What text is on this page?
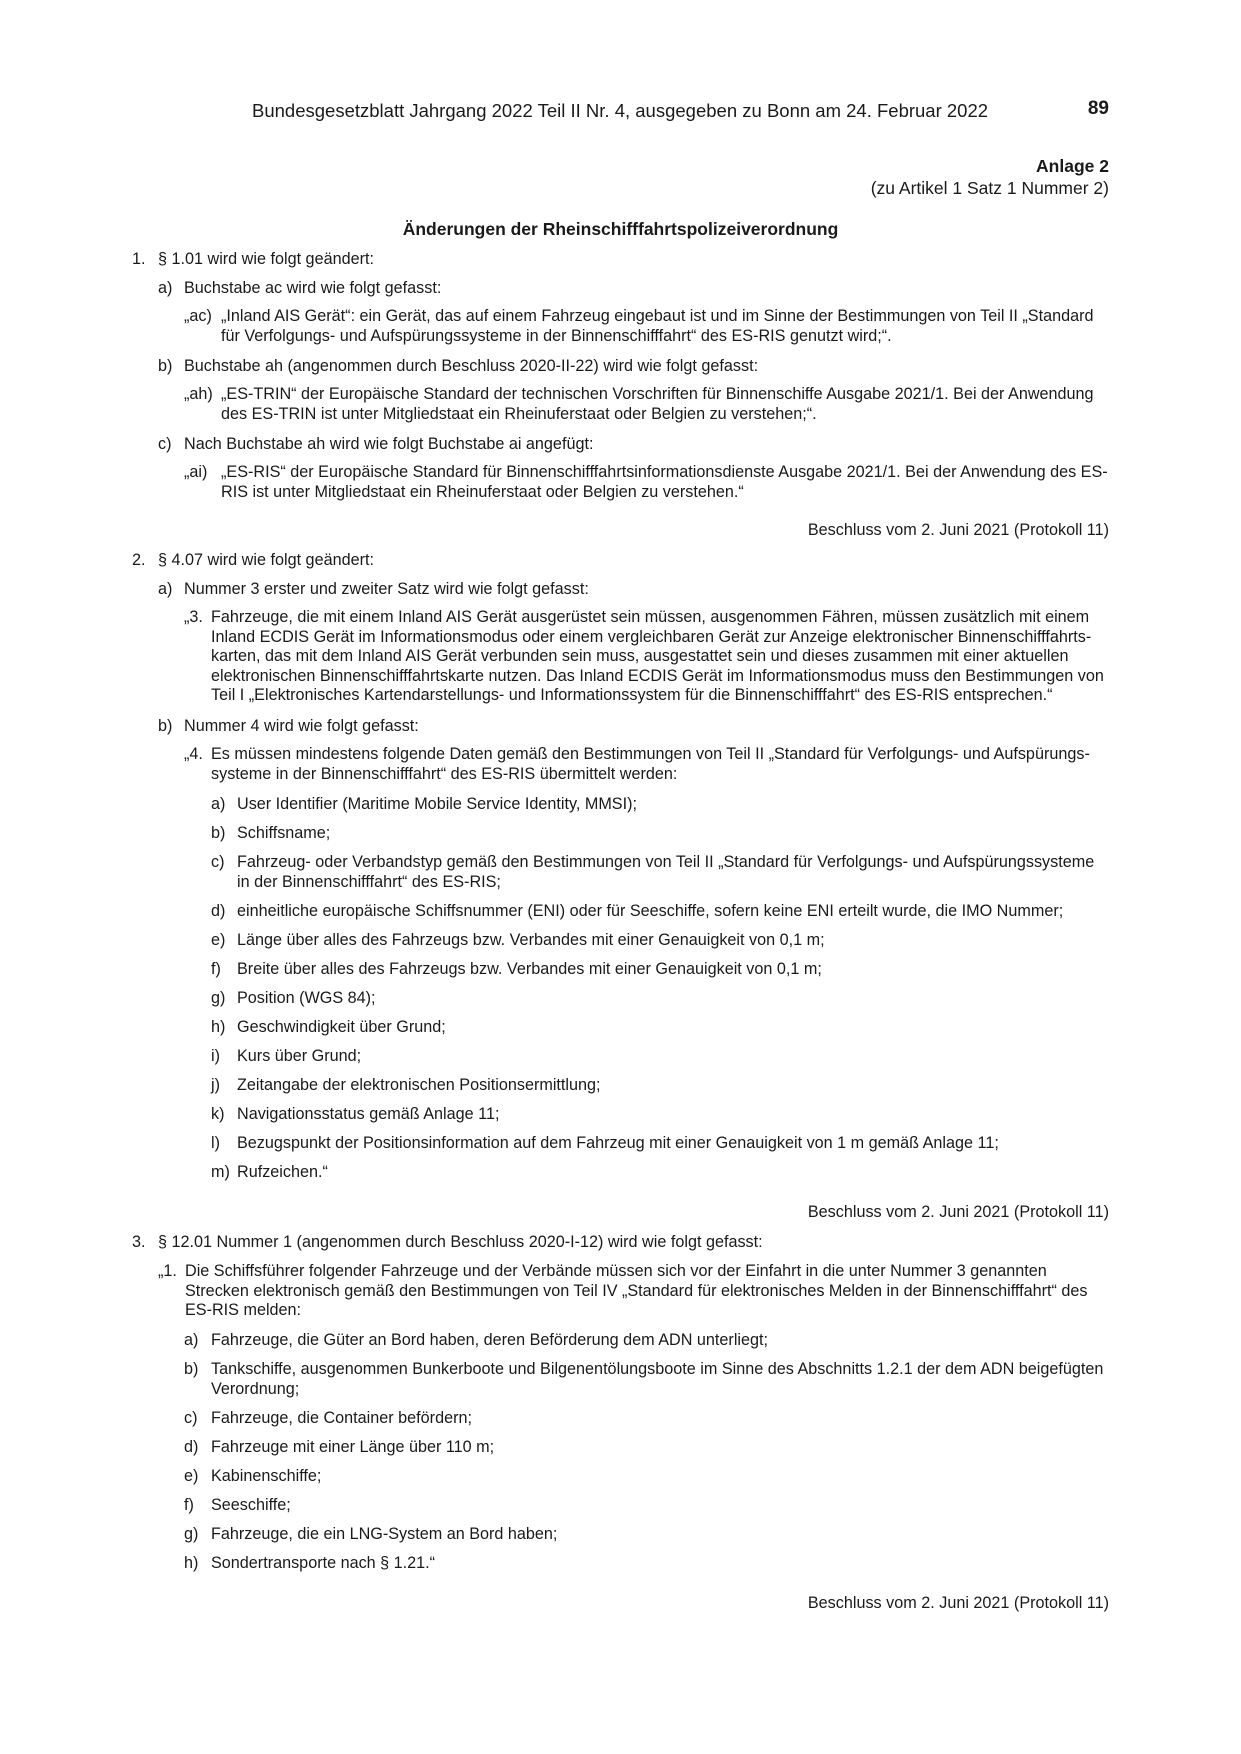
Bundesgesetzblatt Jahrgang 2022 Teil II Nr. 4, ausgegeben zu Bonn am 24. Februar 2022	89
Anlage 2
(zu Artikel 1 Satz 1 Nummer 2)
Änderungen der Rheinschifffahrtspolizeiverordnung
1. § 1.01 wird wie folgt geändert:
a) Buchstabe ac wird wie folgt gefasst:
„ac) „Inland AIS Gerät“: ein Gerät, das auf einem Fahrzeug eingebaut ist und im Sinne der Bestimmungen von Teil II „Standard für Verfolgungs- und Aufspürungssysteme in der Binnenschifffahrt“ des ES-RIS genutzt wird;“.
b) Buchstabe ah (angenommen durch Beschluss 2020-II-22) wird wie folgt gefasst:
„ah) „ES-TRIN“ der Europäische Standard der technischen Vorschriften für Binnenschiffe Ausgabe 2021/1. Bei der Anwendung des ES-TRIN ist unter Mitgliedstaat ein Rheinuferstaat oder Belgien zu verstehen;“.
c) Nach Buchstabe ah wird wie folgt Buchstabe ai angefügt:
„ai) „ES-RIS“ der Europäische Standard für Binnenschifffahrtsinformationsdienste Ausgabe 2021/1. Bei der Anwendung des ES-RIS ist unter Mitgliedstaat ein Rheinuferstaat oder Belgien zu verstehen.“
Beschluss vom 2. Juni 2021 (Protokoll 11)
2. § 4.07 wird wie folgt geändert:
a) Nummer 3 erster und zweiter Satz wird wie folgt gefasst:
„3. Fahrzeuge, die mit einem Inland AIS Gerät ausgerüstet sein müssen, ausgenommen Fähren, müssen zusätzlich mit einem Inland ECDIS Gerät im Informationsmodus oder einem vergleichbaren Gerät zur Anzeige elektronischer Binnenschifffahrtskarten, das mit dem Inland AIS Gerät verbunden sein muss, ausgestattet sein und dieses zusammen mit einer aktuellen elektronischen Binnenschifffahrtskarte nutzen. Das Inland ECDIS Gerät im Informationsmodus muss den Bestimmungen von Teil I „Elektronisches Kartendarstellungs- und Informationssystem für die Binnenschifffahrt“ des ES-RIS entsprechen.“
b) Nummer 4 wird wie folgt gefasst:
„4. Es müssen mindestens folgende Daten gemäß den Bestimmungen von Teil II „Standard für Verfolgungs- und Aufspürungssysteme in der Binnenschifffahrt“ des ES-RIS übermittelt werden:
a) User Identifier (Maritime Mobile Service Identity, MMSI);
b) Schiffsname;
c) Fahrzeug- oder Verbandstyp gemäß den Bestimmungen von Teil II „Standard für Verfolgungs- und Aufspürungssysteme in der Binnenschifffahrt“ des ES-RIS;
d) einheitliche europäische Schiffsnummer (ENI) oder für Seeschiffe, sofern keine ENI erteilt wurde, die IMO Nummer;
e) Länge über alles des Fahrzeugs bzw. Verbandes mit einer Genauigkeit von 0,1 m;
f) Breite über alles des Fahrzeugs bzw. Verbandes mit einer Genauigkeit von 0,1 m;
g) Position (WGS 84);
h) Geschwindigkeit über Grund;
i) Kurs über Grund;
j) Zeitangabe der elektronischen Positionsermittlung;
k) Navigationsstatus gemäß Anlage 11;
l) Bezugspunkt der Positionsinformation auf dem Fahrzeug mit einer Genauigkeit von 1 m gemäß Anlage 11;
m) Rufzeichen.“
Beschluss vom 2. Juni 2021 (Protokoll 11)
3. § 12.01 Nummer 1 (angenommen durch Beschluss 2020-I-12) wird wie folgt gefasst:
„1. Die Schiffsführer folgender Fahrzeuge und der Verbände müssen sich vor der Einfahrt in die unter Nummer 3 genannten Strecken elektronisch gemäß den Bestimmungen von Teil IV „Standard für elektronisches Melden in der Binnenschifffahrt“ des ES-RIS melden:
a) Fahrzeuge, die Güter an Bord haben, deren Beförderung dem ADN unterliegt;
b) Tankschiffe, ausgenommen Bunkerboote und Bilgenentölungsboote im Sinne des Abschnitts 1.2.1 der dem ADN beigefügten Verordnung;
c) Fahrzeuge, die Container befördern;
d) Fahrzeuge mit einer Länge über 110 m;
e) Kabinenschiffe;
f) Seeschiffe;
g) Fahrzeuge, die ein LNG-System an Bord haben;
h) Sondertransporte nach § 1.21.“
Beschluss vom 2. Juni 2021 (Protokoll 11)
